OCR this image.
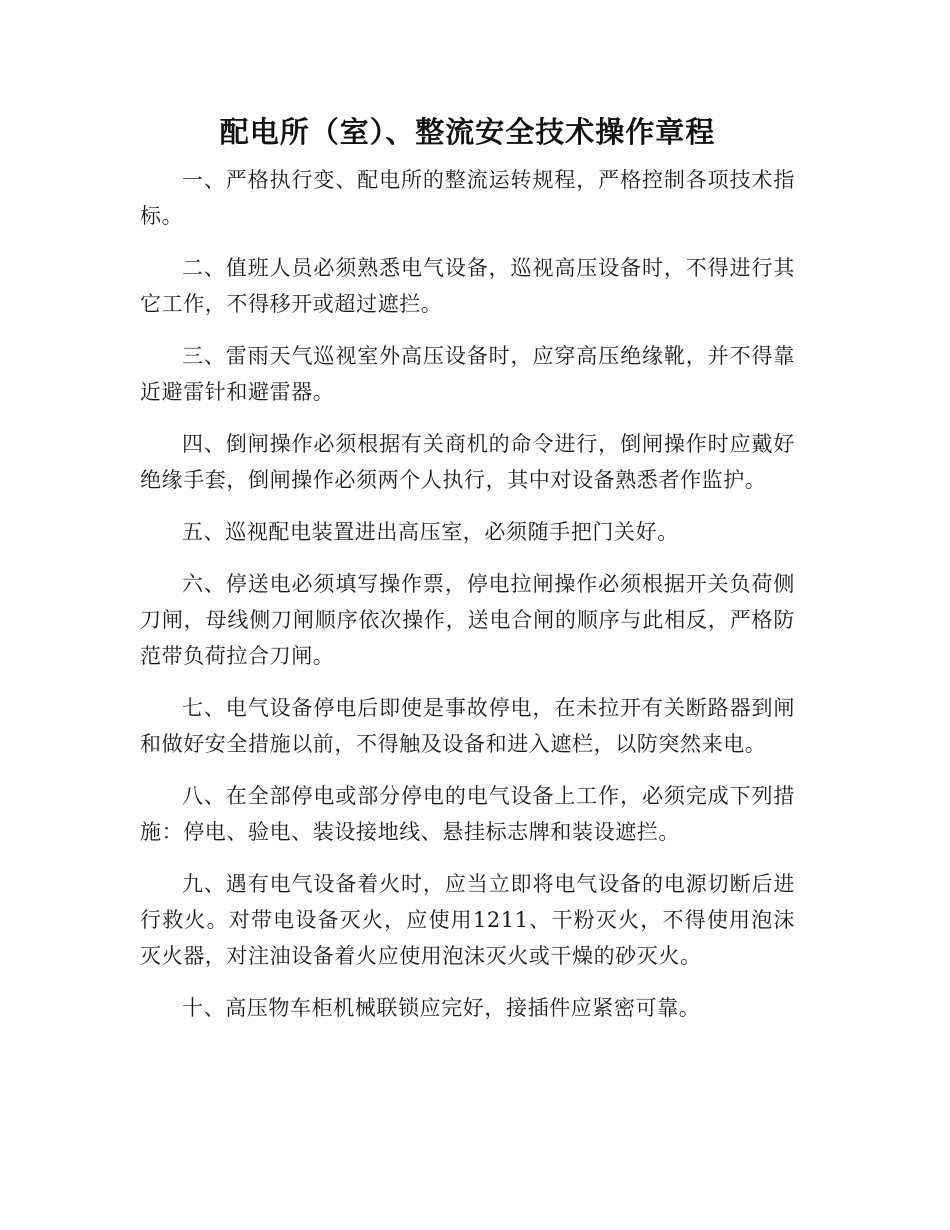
配电所（室）、整流安全技术操作章程

一、严格执行变、配电所的整流运转规程，严格控制各项技术指标。

二、值班人员必须熟悉电气设备，巡视高压设备时，不得进行其它工作，不得移开或超过遮拦。

三、雷雨天气巡视室外高压设备时，应穿高压绝缘靴，并不得靠近避雷针和避雷器。

四、倒闸操作必须根据有关商机的命令进行，倒闸操作时应戴好绝缘手套，倒闸操作必须两个人执行，其中对设备熟悉者作监护。

五、巡视配电装置进出高压室，必须随手把门关好。

六、停送电必须填写操作票，停电拉闸操作必须根据开关负荷侧刀闸，母线侧刀闸顺序依次操作，送电合闸的顺序与此相反，严格防范带负荷拉合刀闸。

七、电气设备停电后即使是事故停电，在未拉开有关断路器到闸和做好安全措施以前，不得触及设备和进入遮栏，以防突然来电。

八、在全部停电或部分停电的电气设备上工作，必须完成下列措施：停电、验电、装设接地线、悬挂标志牌和装设遮拦。

九、遇有电气设备着火时，应当立即将电气设备的电源切断后进行救火。对带电设备灭火，应使用1211、干粉灭火，不得使用泡沫灭火器，对注油设备着火应使用泡沫灭火或干燥的砂灭火。

十、高压物车柜机械联锁应完好，接插件应紧密可靠。
